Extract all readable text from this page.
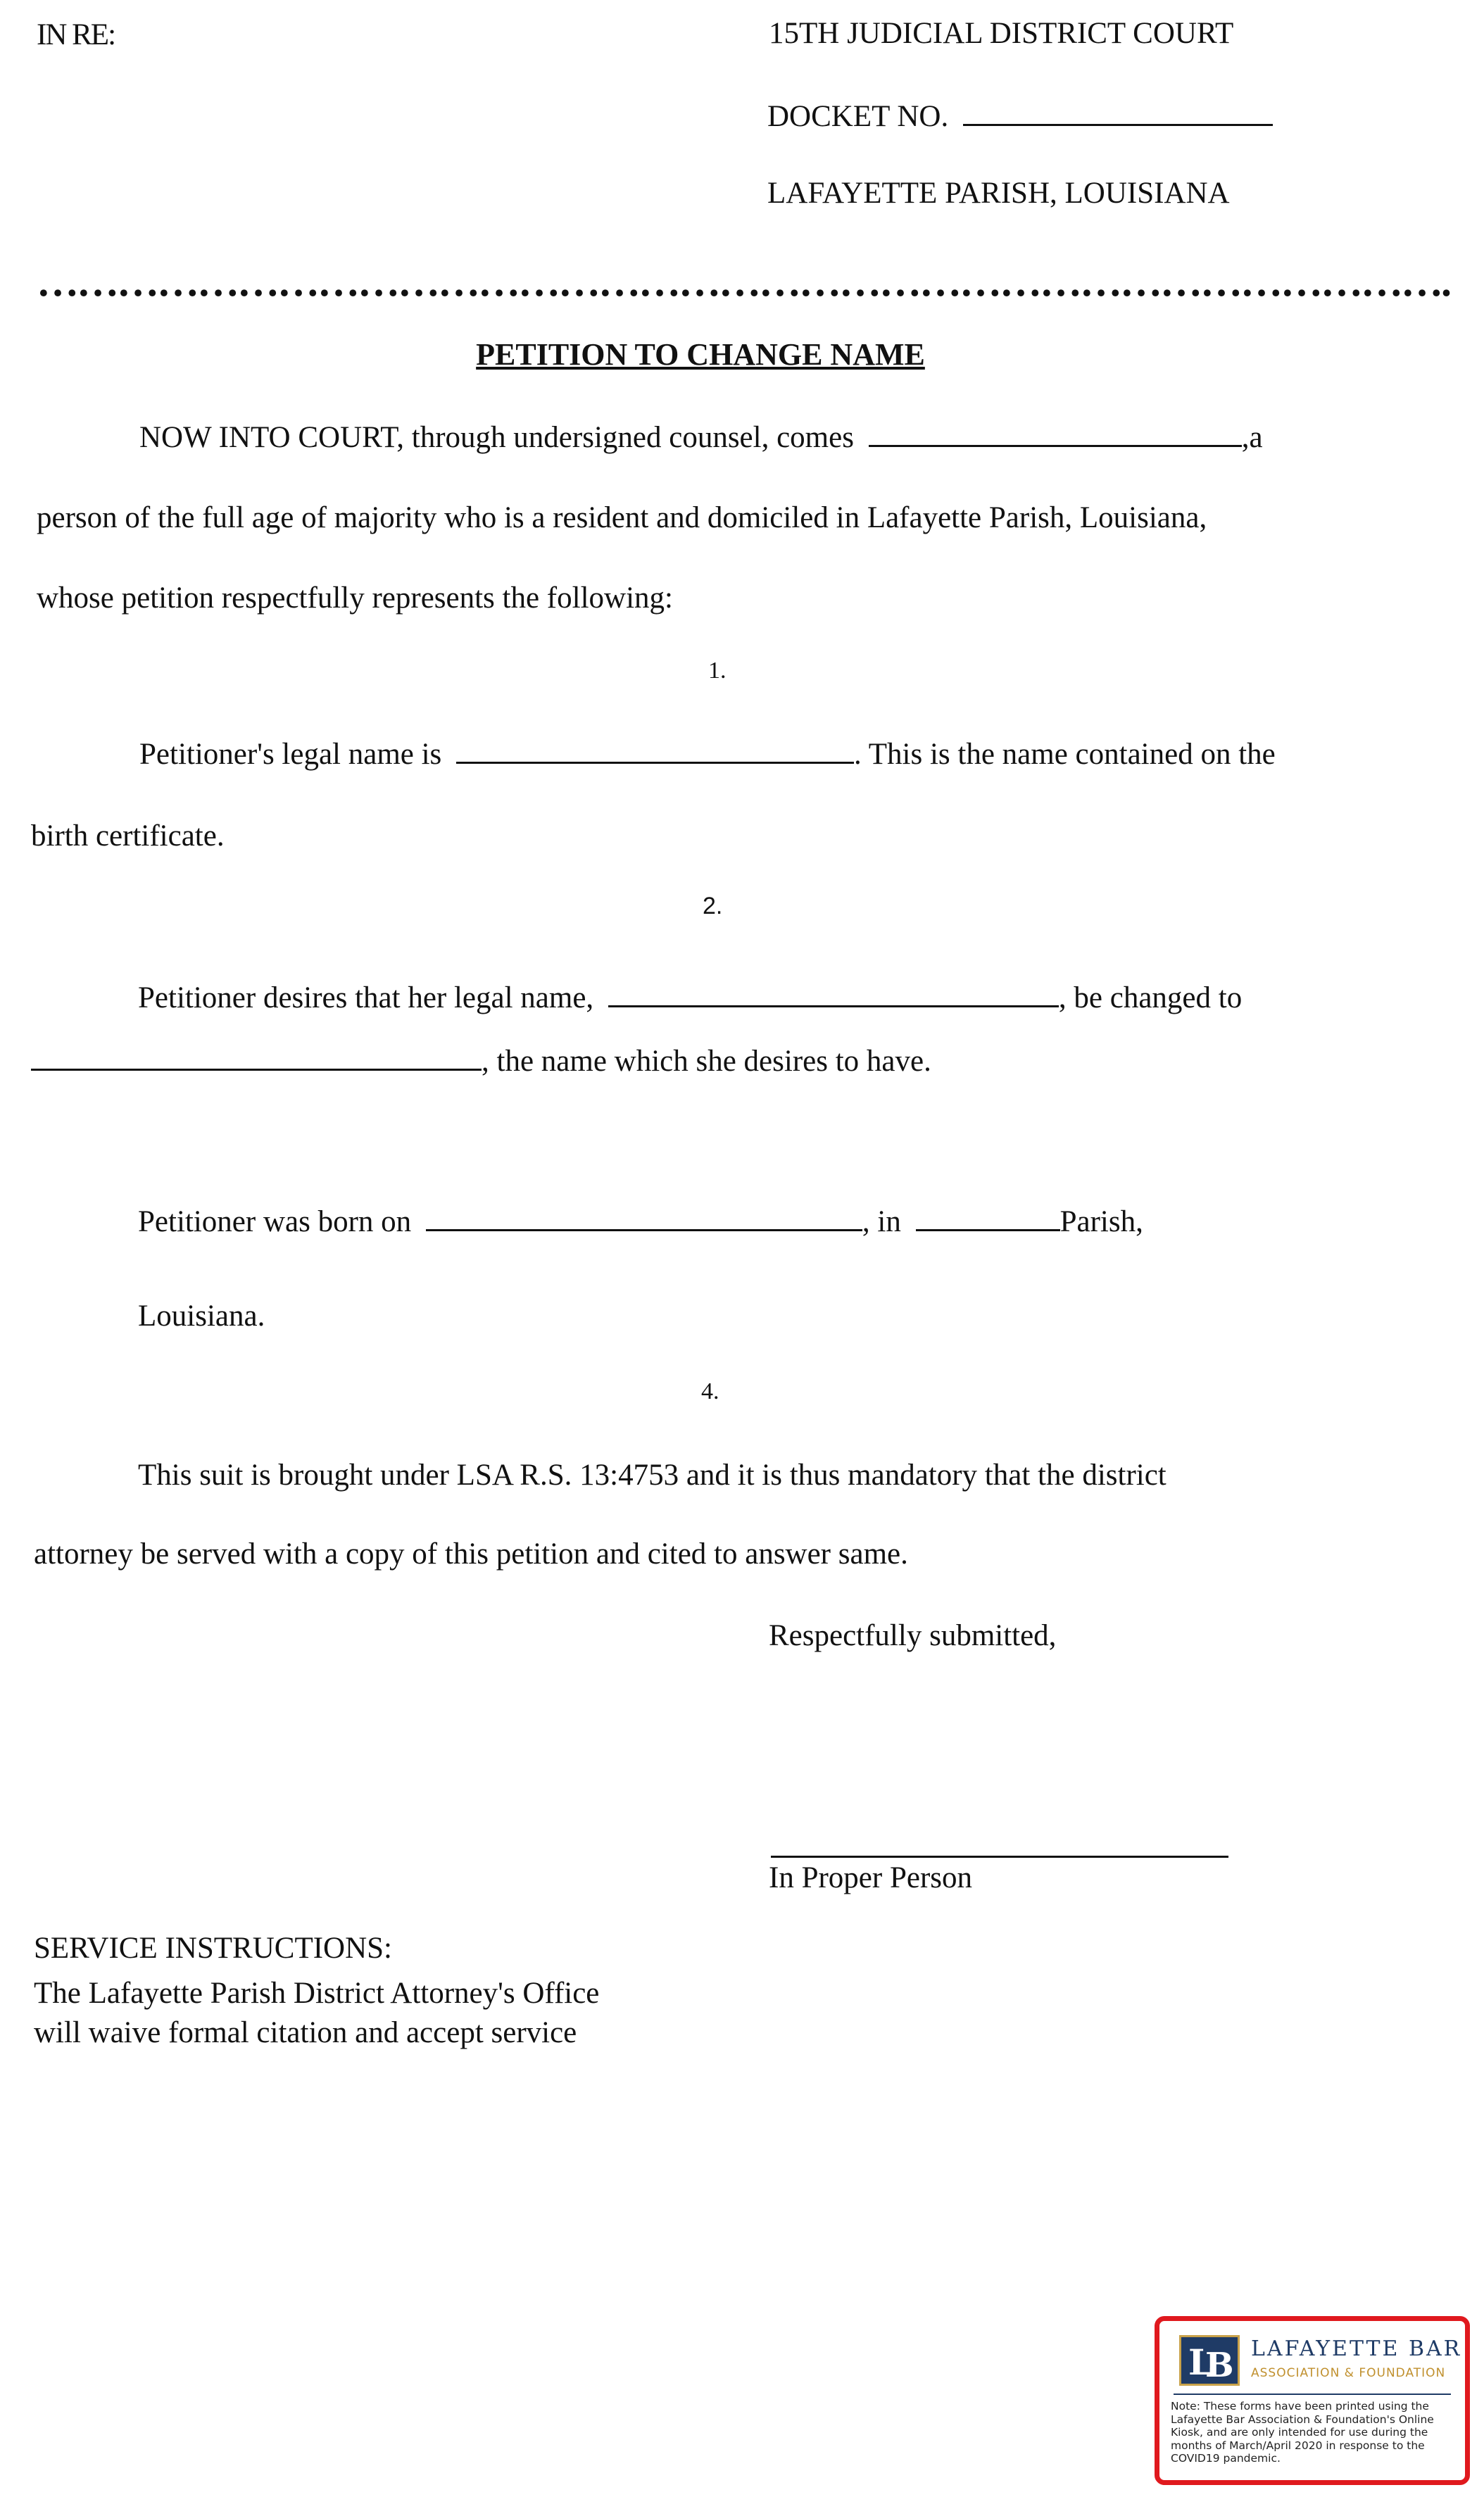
IN RE:	15TH JUDICIAL DISTRICT COURT
DOCKET NO.
LAFAYETTE PARISH, LOUISIANA
…………………………………………………………………………………………….
PETITION TO CHANGE NAME
NOW INTO COURT, through undersigned counsel, comes	,a
person of the full age of majority who is a resident and domiciled in Lafayette Parish, Louisiana,
whose petition respectfully represents the following:
1.
Petitioner's legal name is	. This is the name contained on the
birth certificate.
2.
Petitioner desires that her legal name,	, be changed to
, the name which she desires to have.
Petitioner was born on	, in	Parish,
Louisiana.
4.
This suit is brought under LSA R.S. 13:4753 and it is thus mandatory that the district
attorney be served with a copy of this petition and cited to answer same.
Respectfully submitted,
In Proper Person
SERVICE INSTRUCTIONS:
The Lafayette Parish District Attorney's Office
will waive formal citation and accept service
L
B LAFAYETTE BAR
ASSOCIATION & FOUNDATION
Note: These forms have been printed using the Lafayette Bar Association & Foundation's Online Kiosk, and are only intended for use during the months of March/April 2020 in response to the COVID19 pandemic.
